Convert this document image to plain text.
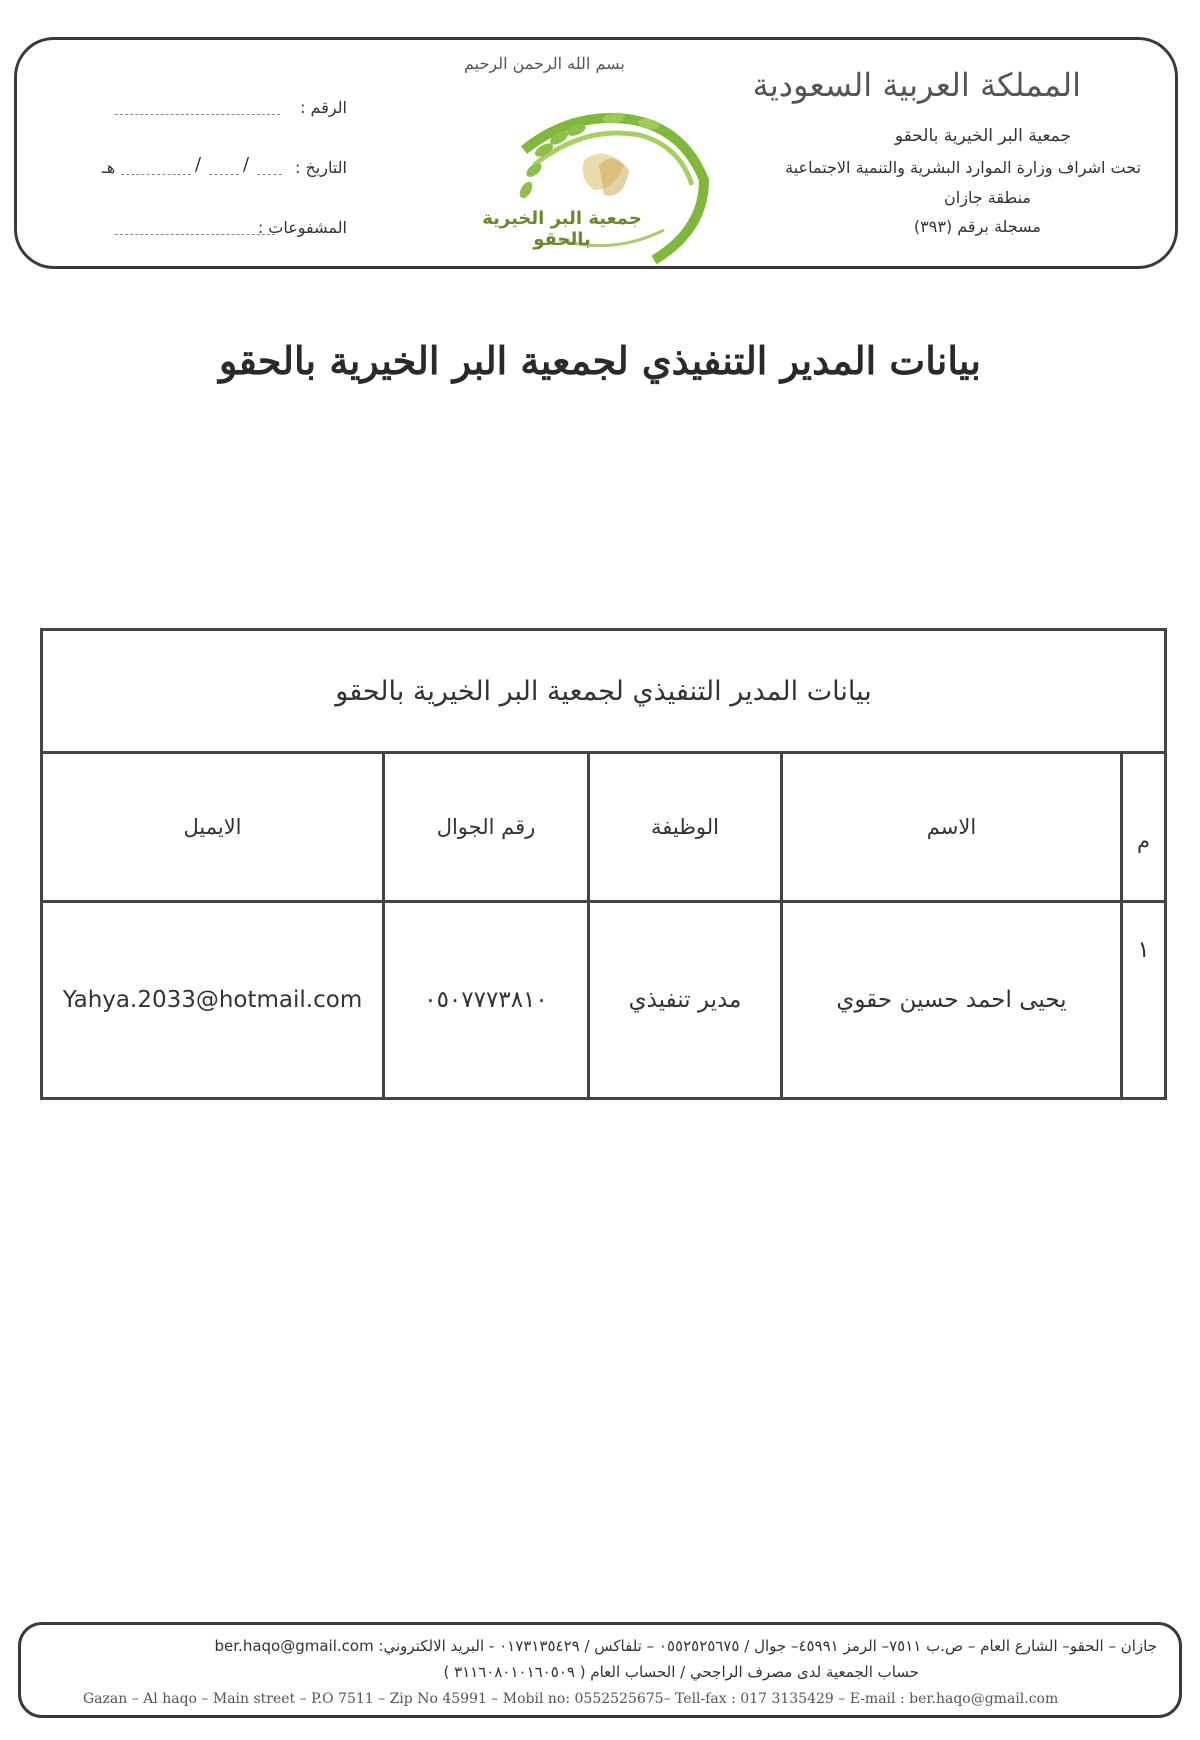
المملكة العربية السعودية
جمعية البر الخيرية بالحقو
تحت اشراف وزارة الموارد البشرية والتنمية الاجتماعية
منطقة جازان
مسجلة برقم (٣٩٣)
بسم الله الرحمن الرحيم
جمعية البر الخيرية بالحقو
الرقم :
التاريخ :
هـ	/ /
المشفوعات :
بيانات المدير التنفيذي لجمعية البر الخيرية بالحقو
بيانات المدير التنفيذي لجمعية البر الخيرية بالحقو
م	الاسم	الوظيفة	رقم الجوال	الايميل
١	يحيى احمد حسين حقوي	مدير تنفيذي	٠٥٠٧٧٧٣٨١٠	Yahya.2033@hotmail.com
جازان – الحقو– الشارع العام – ص.ب ٧٥١١– الرمز ٤٥٩٩١– جوال / ٠٥٥٢٥٢٥٦٧٥ – تلفاكس / ٠١٧٣١٣٥٤٢٩ - البريد الالكتروني: ber.haqo@gmail.com
حساب الجمعية لدى مصرف الراجحي / الحساب العام ( ٣١١٦٠٨٠١٠١٦٠٥٠٩ )
Gazan – Al haqo – Main street – P.O 7511 – Zip No 45991 – Mobil no: 0552525675– Tell-fax : 017 3135429 – E-mail : ber.haqo@gmail.com
